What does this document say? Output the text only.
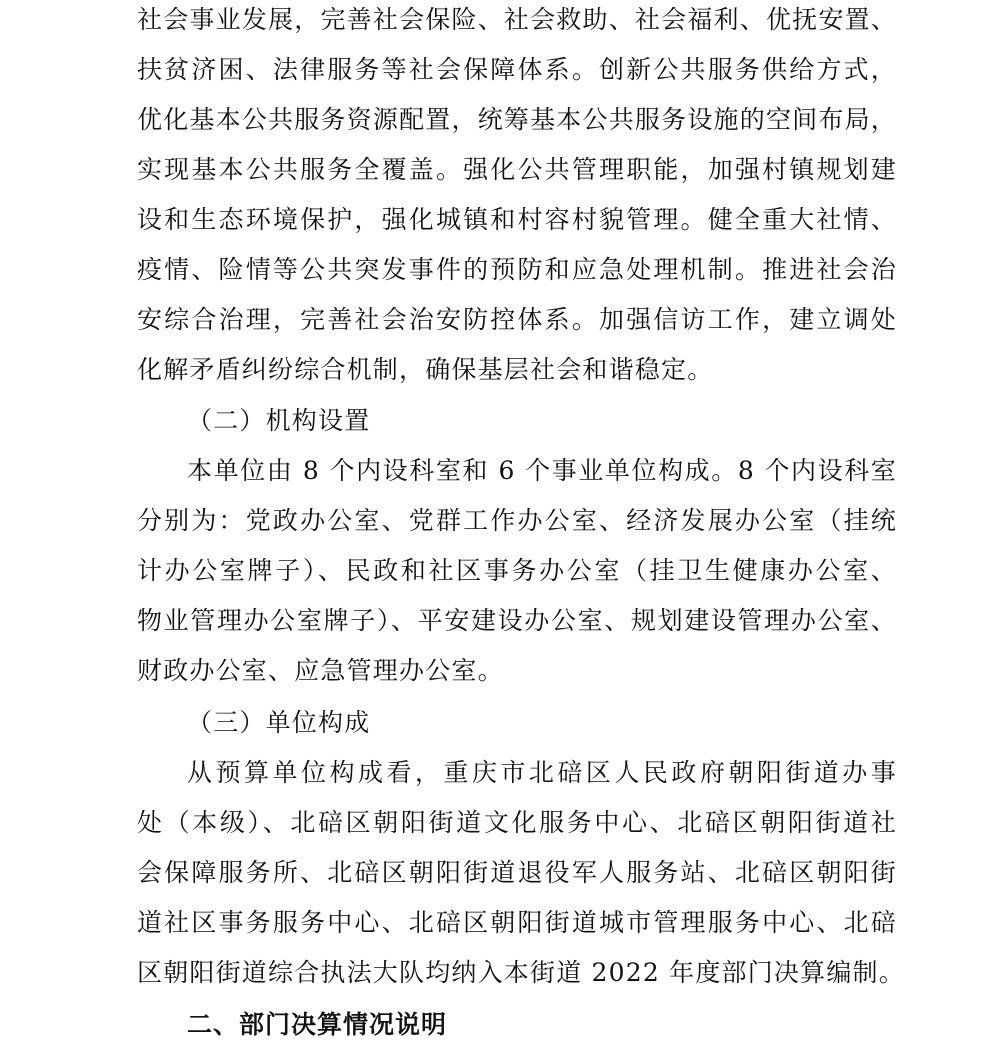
社会事业发展，完善社会保险、社会救助、社会福利、优抚安置、
扶贫济困、法律服务等社会保障体系。创新公共服务供给方式，
优化基本公共服务资源配置，统筹基本公共服务设施的空间布局，
实现基本公共服务全覆盖。强化公共管理职能，加强村镇规划建
设和生态环境保护，强化城镇和村容村貌管理。健全重大社情、
疫情、险情等公共突发事件的预防和应急处理机制。推进社会治
安综合治理，完善社会治安防控体系。加强信访工作，建立调处
化解矛盾纠纷综合机制，确保基层社会和谐稳定。
（二）机构设置
本单位由 8 个内设科室和 6 个事业单位构成。8 个内设科室
分别为：党政办公室、党群工作办公室、经济发展办公室（挂统
计办公室牌子）、民政和社区事务办公室（挂卫生健康办公室、
物业管理办公室牌子）、平安建设办公室、规划建设管理办公室、
财政办公室、应急管理办公室。
（三）单位构成
从预算单位构成看，重庆市北碚区人民政府朝阳街道办事
处（本级）、北碚区朝阳街道文化服务中心、北碚区朝阳街道社
会保障服务所、北碚区朝阳街道退役军人服务站、北碚区朝阳街
道社区事务服务中心、北碚区朝阳街道城市管理服务中心、北碚
区朝阳街道综合执法大队均纳入本街道 2022 年度部门决算编制。
二、部门决算情况说明
